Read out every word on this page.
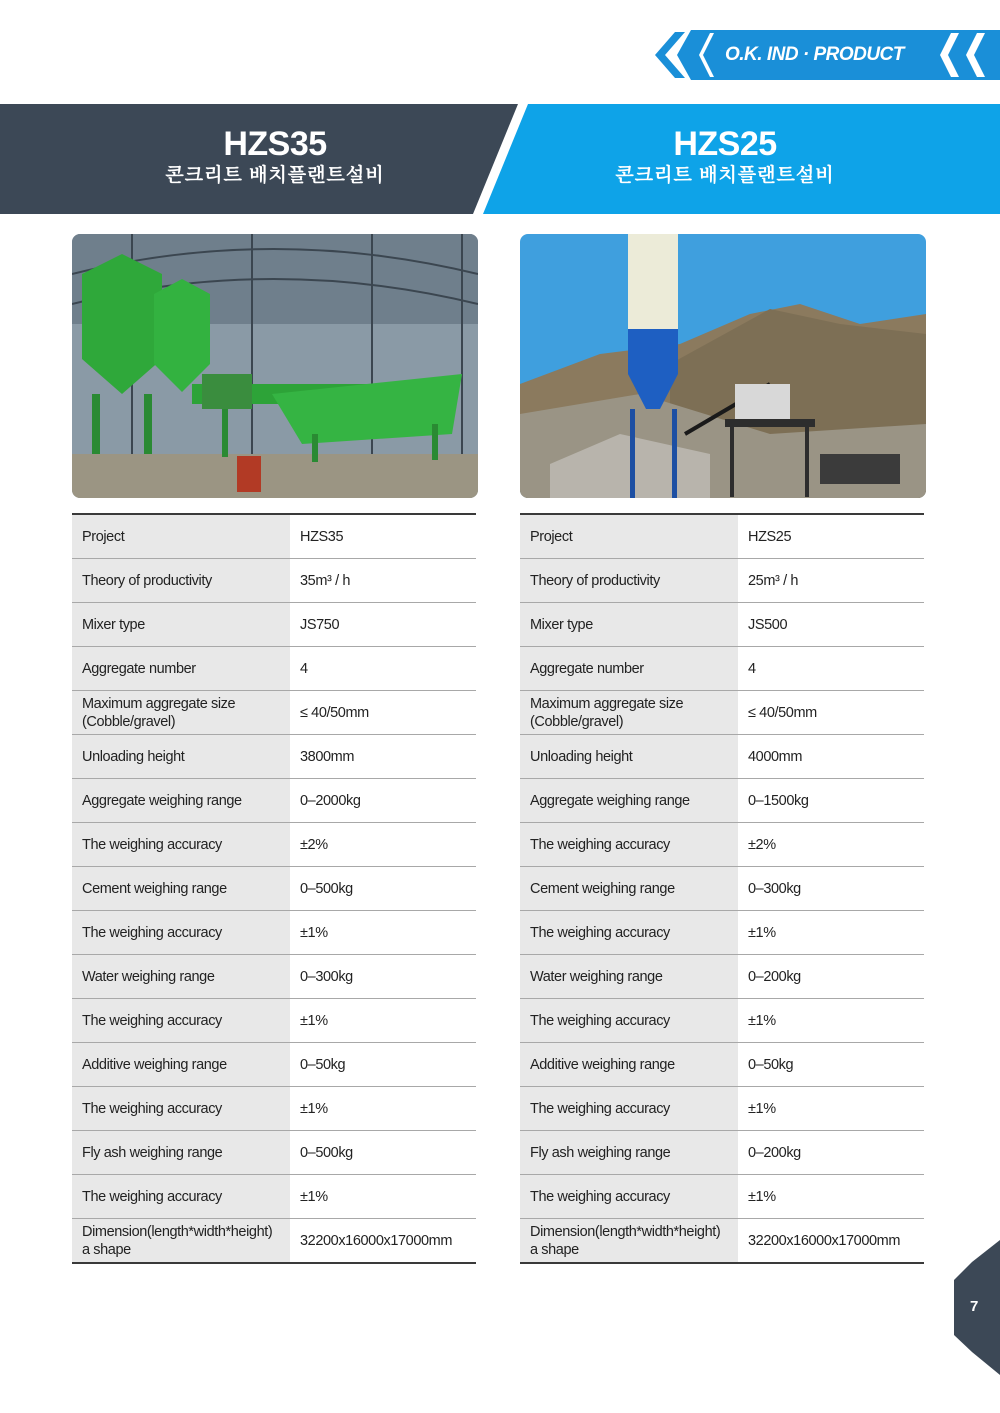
O.K. IND · PRODUCT
HZS35
콘크리트 배치플랜트설비
HZS25
콘크리트 배치플랜트설비
Project	HZS35
Theory of productivity	35m³ / h
Mixer type	JS750
Aggregate number	4
Maximum aggregate size (Cobble/gravel)	≤ 40/50mm
Unloading height	3800mm
Aggregate weighing range	0–2000kg
The weighing accuracy	±2%
Cement weighing range	0–500kg
The weighing accuracy	±1%
Water weighing range	0–300kg
The weighing accuracy	±1%
Additive weighing range	0–50kg
The weighing accuracy	±1%
Fly ash weighing range	0–500kg
The weighing accuracy	±1%
Dimension(length*width*height) a shape	32200x16000x17000mm
Project	HZS25
Theory of productivity	25m³ / h
Mixer type	JS500
Aggregate number	4
Maximum aggregate size (Cobble/gravel)	≤ 40/50mm
Unloading height	4000mm
Aggregate weighing range	0–1500kg
The weighing accuracy	±2%
Cement weighing range	0–300kg
The weighing accuracy	±1%
Water weighing range	0–200kg
The weighing accuracy	±1%
Additive weighing range	0–50kg
The weighing accuracy	±1%
Fly ash weighing range	0–200kg
The weighing accuracy	±1%
Dimension(length*width*height) a shape	32200x16000x17000mm
7
